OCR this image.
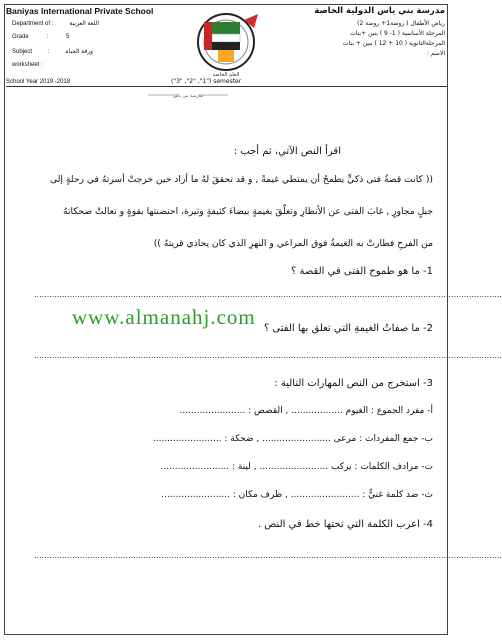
Baniyas International Private School
Department of :	اللغة العربية
Grade	:	5
Subject	:	ورقة الحياة
worksheet :
العلم الخاصة
مدرسة بني ياس الدولية الخاصة
رياض الأطفال ( روضة1+ روضة 2)
المرحلة الأساسية ( 1- 9 ) بنين +بنات
المرحلةالثانوية ( 10 + 12 ) بنين + بنات
الاسم :
School Year 2019 -2018	("3" ,"2" ,"1") semester
مدرسة بني ياس
اقرأ النص الآتي، ثم أجب :
(( كانت قصةُ فتى ذكيٍّ يطمحُ أن يمتطي غيمةً , و قد تحققَ لهُ ما أراد حين خرجتْ أسرتهُ في رحلةٍ إلى
جبلٍ مجاورٍ , غابَ الفتى عن الأنظارِ وتعلّقَ بغيمةٍ بيضاءَ كثيفةٍ وثيرة، احتضنتها بقوةٍ و تعالتْ ضحكاتهُ
من الفرحِ فطارتْ به الغيمةُ فوق المراعي و النهرِ الذي كان يحاذي قريتهُ ))
1- ما هو طموح الفتى في القصة ؟
........................................................................................................................................................................................
www.almanahj.com 2- ما صفاتُ الغيمةِ التي تعلق بها الفتى ؟
........................................................................................................................................................................................
3- استخرج من النص المهارات التالية :
أ- مفرد الجموع : الغيوم .................. , القصص : .......................
ب- جمع المفردات : مرعى ........................ , ضحكة : ........................
ت- مرادف الكلمات : يركب ........................ , لينة : ........................
ث- ضد كلمة غنيٌّ : ........................ , ظرف مكان : ........................
4- اعرب الكلمة التي تحتها خط في النص .
........................................................................................................................................................................................
